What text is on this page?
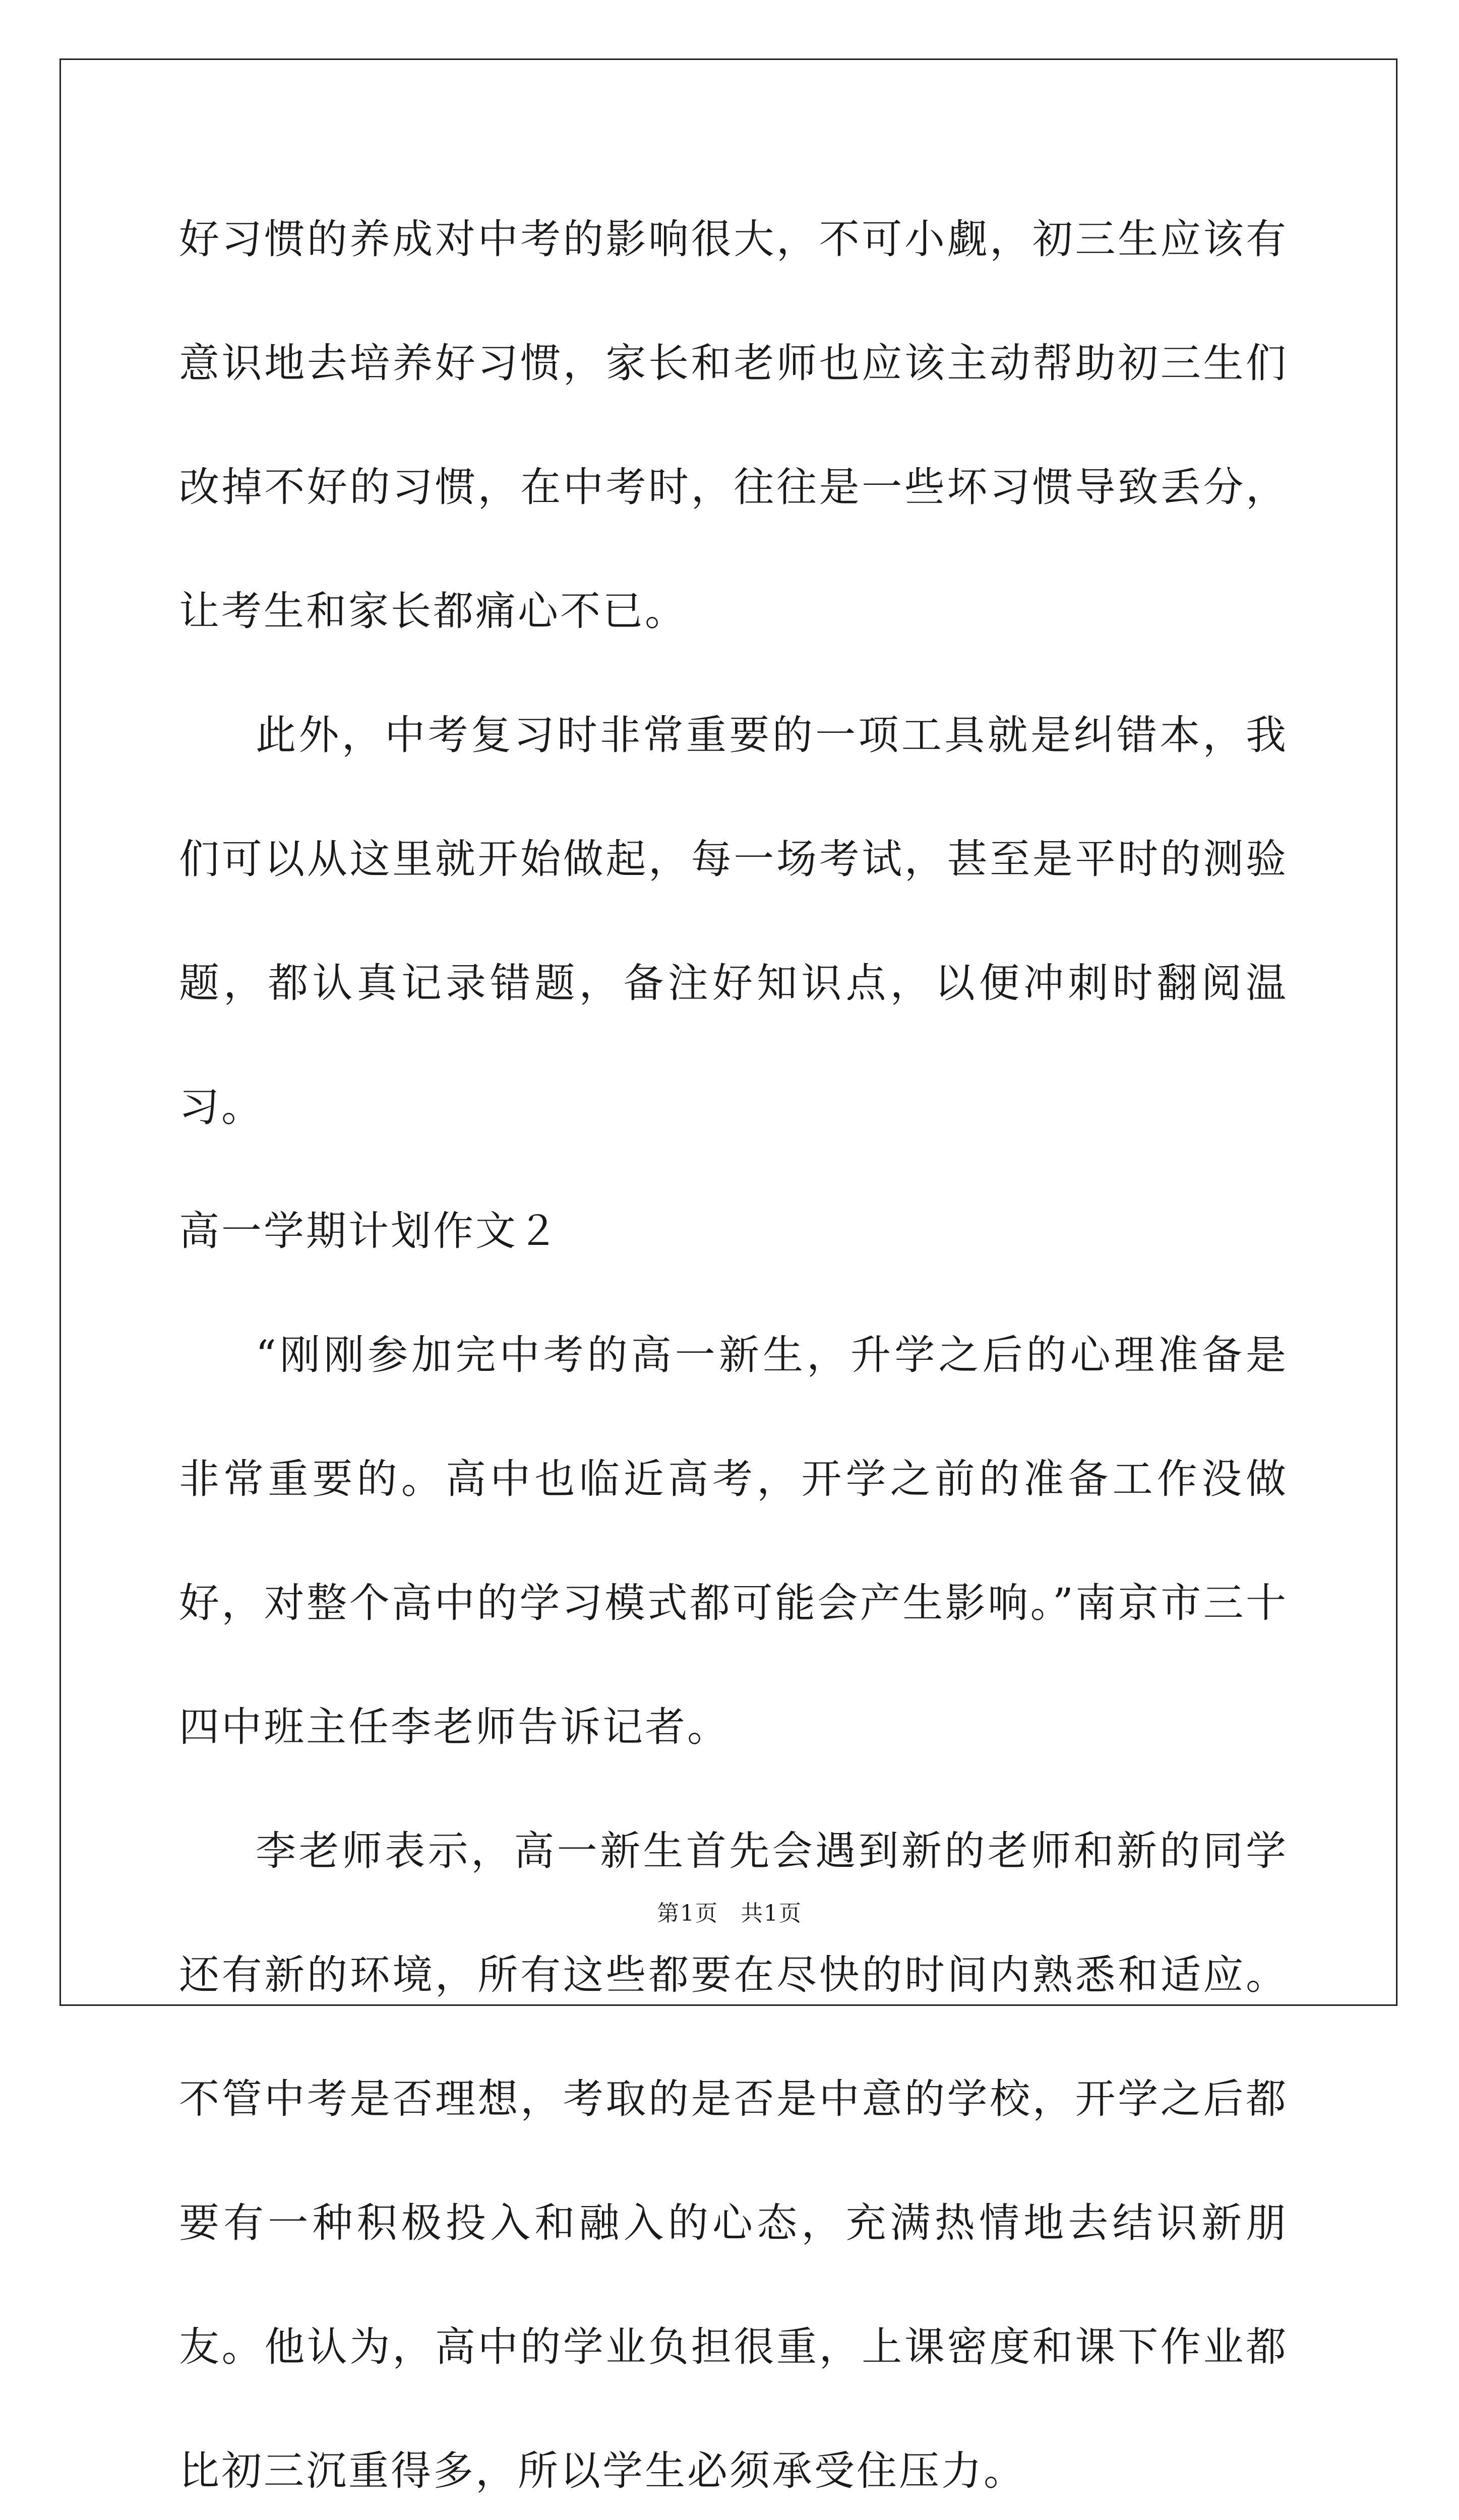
好习惯的养成对中考的影响很大，不可小觑，初三生应该有意识地去培养好习惯，家长和老师也应该主动帮助初三生们改掉不好的习惯，在中考时，往往是一些坏习惯导致丢分，让考生和家长都痛心不已。

此外，中考复习时非常重要的一项工具就是纠错本，我们可以从这里就开始做起，每一场考试，甚至是平时的测验题，都认真记录错题，备注好知识点，以便冲刺时翻阅温习。

高一学期计划作文２

“刚刚参加完中考的高一新生，升学之后的心理准备是非常重要的。高中也临近高考，开学之前的准备工作没做好，对整个高中的学习模式都可能会产生影响。”南京市三十四中班主任李老师告诉记者。

李老师表示，高一新生首先会遇到新的老师和新的同学还有新的环境，所有这些都要在尽快的时间内熟悉和适应。不管中考是否理想，考取的是否是中意的学校，开学之后都要有一种积极投入和融入的心态，充满热情地去结识新朋友。他认为，高中的学业负担很重，上课密度和课下作业都比初三沉重得多，所以学生必须承受住压力。

第1页 共1页
